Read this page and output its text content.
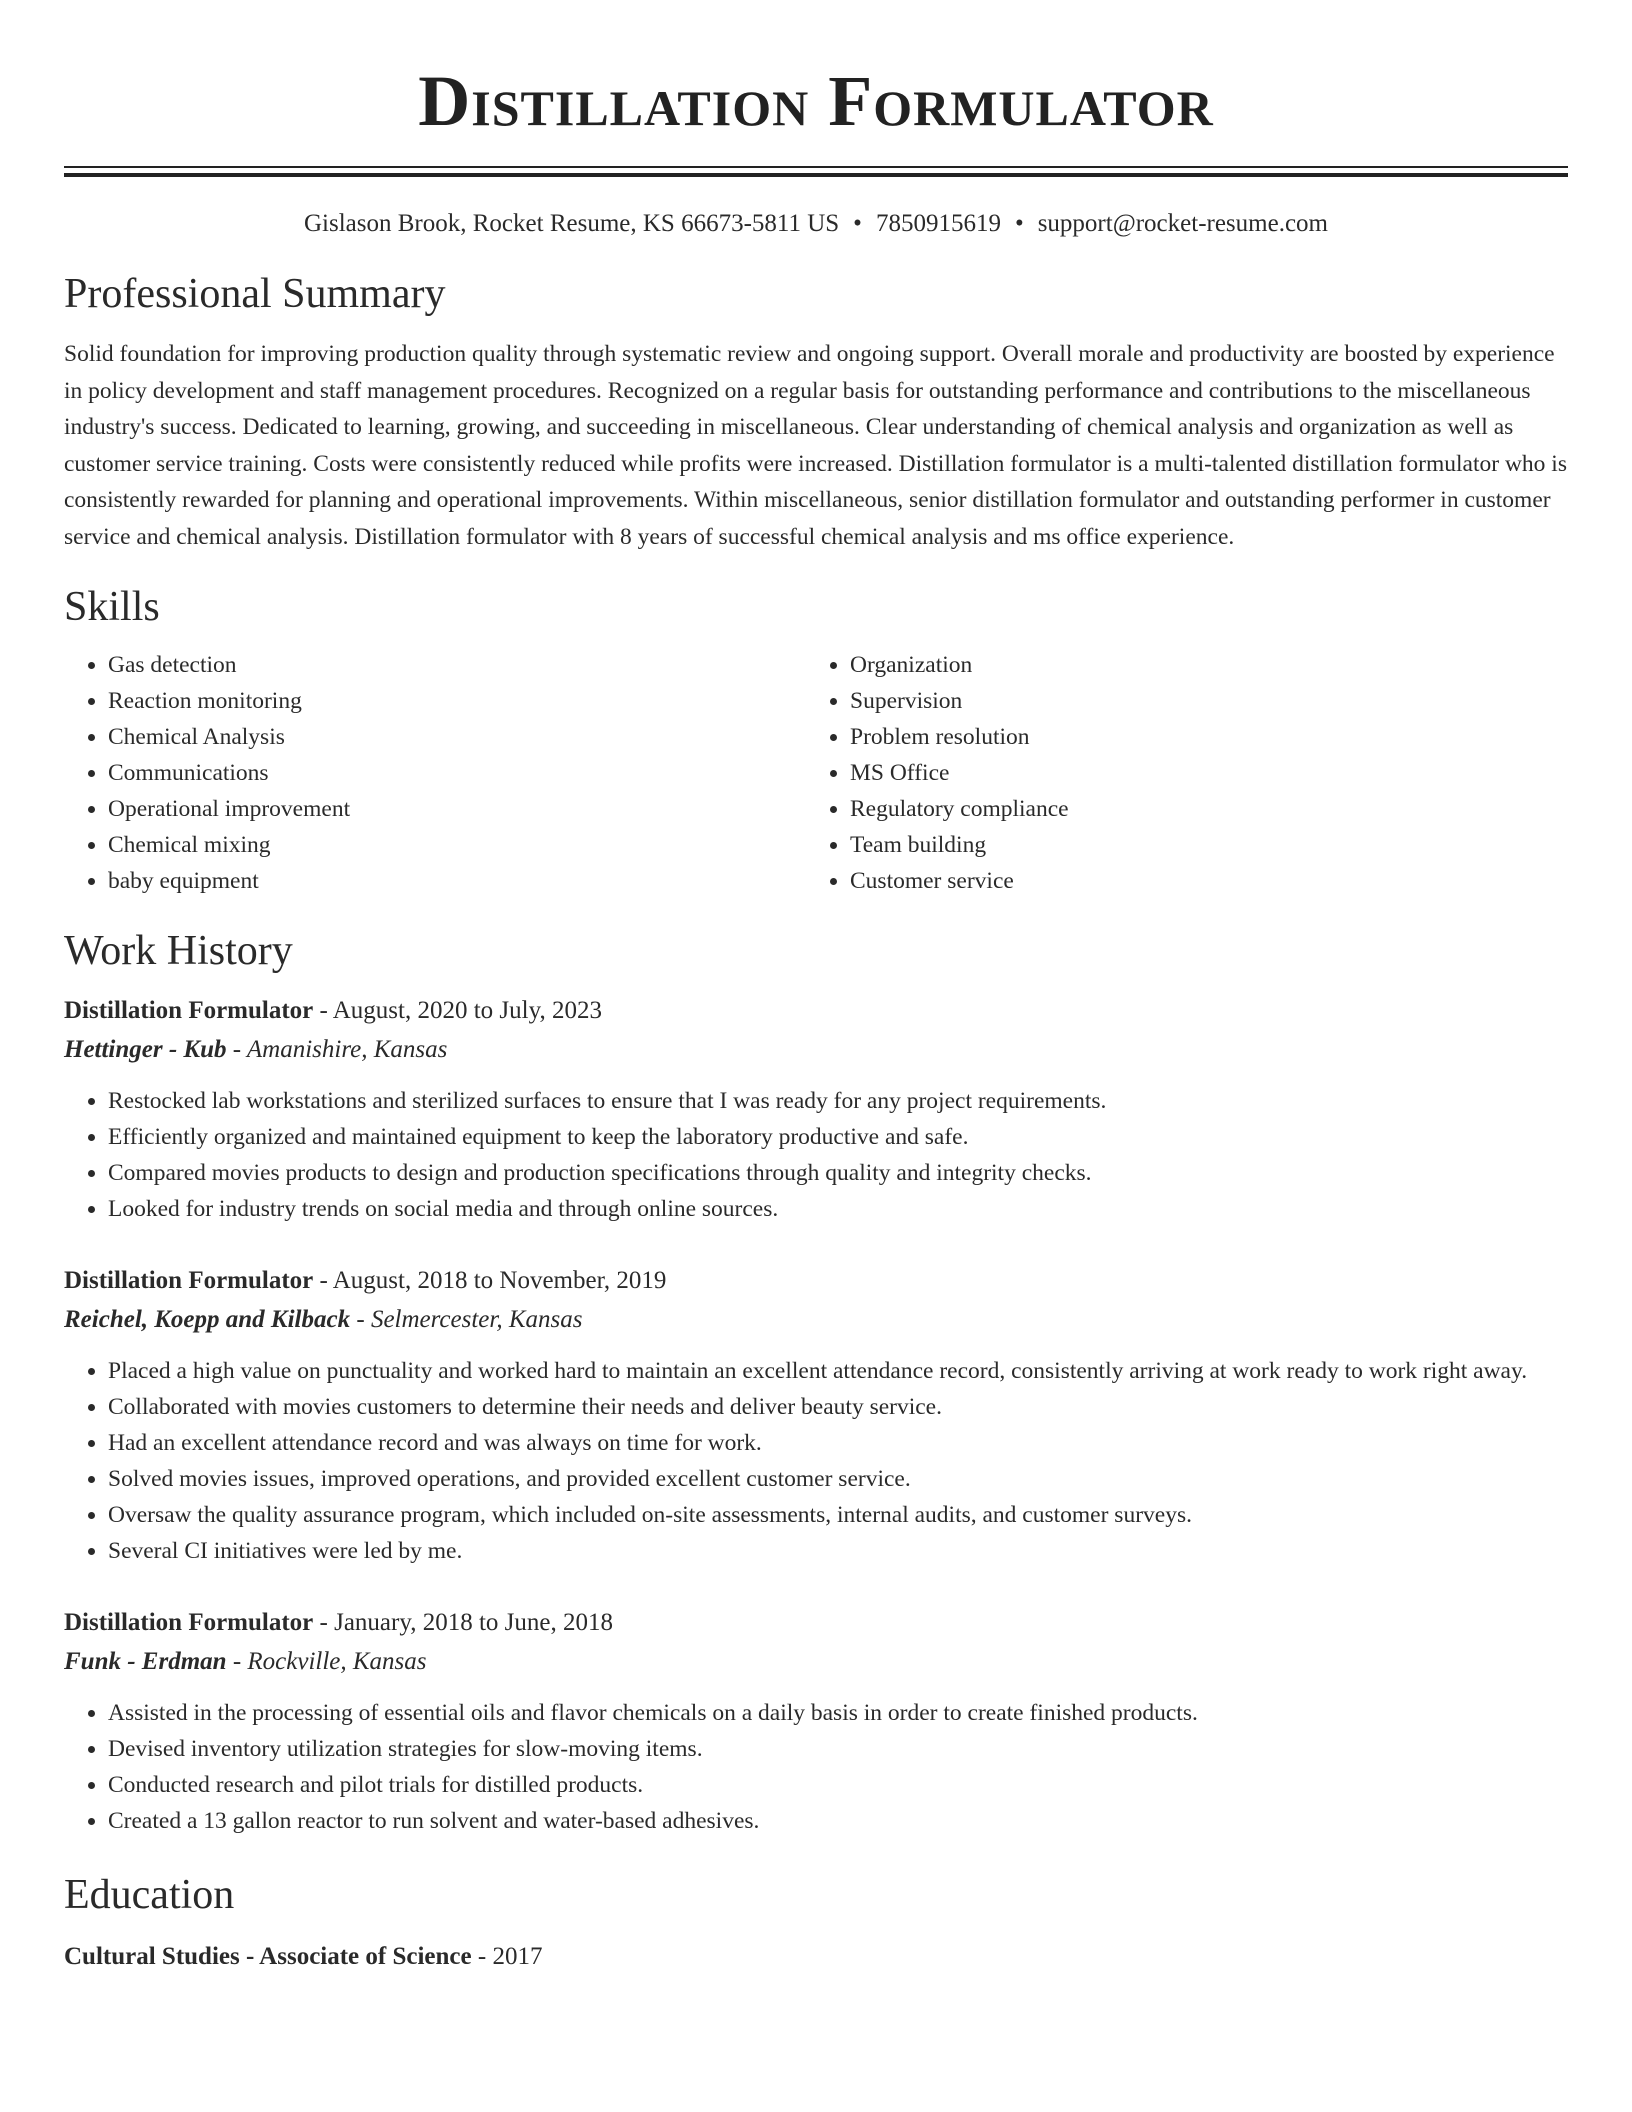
Distillation Formulator
Gislason Brook, Rocket Resume, KS 66673-5811 US • 7850915619 • support@rocket-resume.com
Professional Summary

Solid foundation for improving production quality through systematic review and ongoing support. Overall morale and productivity are boosted by experience in policy development and staff management procedures. Recognized on a regular basis for outstanding performance and contributions to the miscellaneous industry's success. Dedicated to learning, growing, and succeeding in miscellaneous. Clear understanding of chemical analysis and organization as well as customer service training. Costs were consistently reduced while profits were increased. Distillation formulator is a multi-talented distillation formulator who is consistently rewarded for planning and operational improvements. Within miscellaneous, senior distillation formulator and outstanding performer in customer service and chemical analysis. Distillation formulator with 8 years of successful chemical analysis and ms office experience.

Skills
• Gas detection
• Reaction monitoring
• Chemical Analysis
• Communications
• Operational improvement
• Chemical mixing
• baby equipment
• Organization
• Supervision
• Problem resolution
• MS Office
• Regulatory compliance
• Team building
• Customer service
Work History
Distillation Formulator - August, 2020 to July, 2023
Hettinger - Kub - Amanishire, Kansas
• Restocked lab workstations and sterilized surfaces to ensure that I was ready for any project requirements.
• Efficiently organized and maintained equipment to keep the laboratory productive and safe.
• Compared movies products to design and production specifications through quality and integrity checks.
• Looked for industry trends on social media and through online sources.
Distillation Formulator - August, 2018 to November, 2019
Reichel, Koepp and Kilback - Selmercester, Kansas
• Placed a high value on punctuality and worked hard to maintain an excellent attendance record, consistently arriving at work ready to work right away.
• Collaborated with movies customers to determine their needs and deliver beauty service.
• Had an excellent attendance record and was always on time for work.
• Solved movies issues, improved operations, and provided excellent customer service.
• Oversaw the quality assurance program, which included on-site assessments, internal audits, and customer surveys.
• Several CI initiatives were led by me.
Distillation Formulator - January, 2018 to June, 2018
Funk - Erdman - Rockville, Kansas
• Assisted in the processing of essential oils and flavor chemicals on a daily basis in order to create finished products.
• Devised inventory utilization strategies for slow-moving items.
• Conducted research and pilot trials for distilled products.
• Created a 13 gallon reactor to run solvent and water-based adhesives.
Education
Cultural Studies - Associate of Science - 2017
